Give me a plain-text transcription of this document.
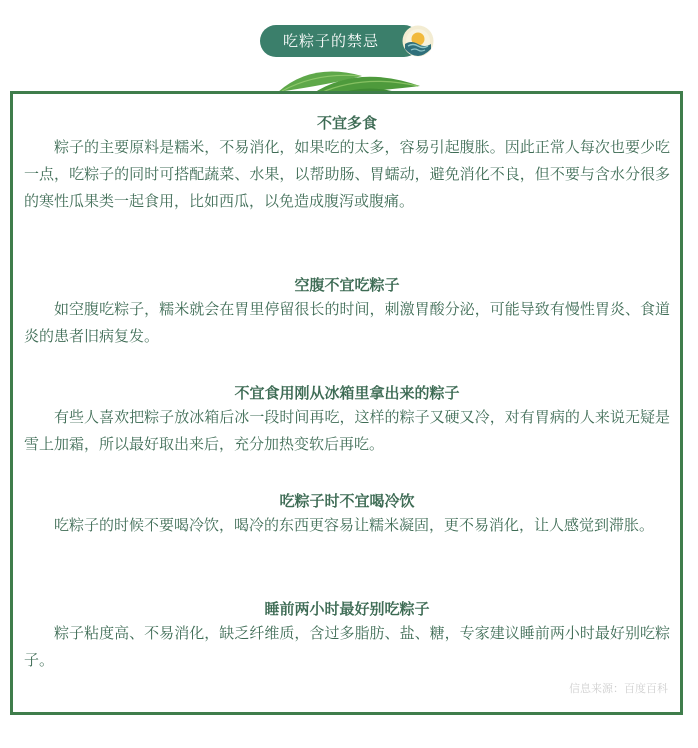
吃粽子的禁忌

不宜多食

粽子的主要原料是糯米，不易消化，如果吃的太多，容易引起腹胀。因此正常人每次也要少吃一点，吃粽子的同时可搭配蔬菜、水果，以帮助肠、胃蠕动，避免消化不良，但不要与含水分很多的寒性瓜果类一起食用，比如西瓜，以免造成腹泻或腹痛。

空腹不宜吃粽子

如空腹吃粽子，糯米就会在胃里停留很长的时间，刺激胃酸分泌，可能导致有慢性胃炎、食道炎的患者旧病复发。

不宜食用刚从冰箱里拿出来的粽子

有些人喜欢把粽子放冰箱后冰一段时间再吃，这样的粽子又硬又冷，对有胃病的人来说无疑是雪上加霜，所以最好取出来后，充分加热变软后再吃。

吃粽子时不宜喝冷饮

吃粽子的时候不要喝冷饮，喝冷的东西更容易让糯米凝固，更不易消化，让人感觉到滞胀。

睡前两小时最好别吃粽子

粽子粘度高、不易消化，缺乏纤维质，含过多脂肪、盐、糖，专家建议睡前两小时最好别吃粽子。

信息来源：百度百科
